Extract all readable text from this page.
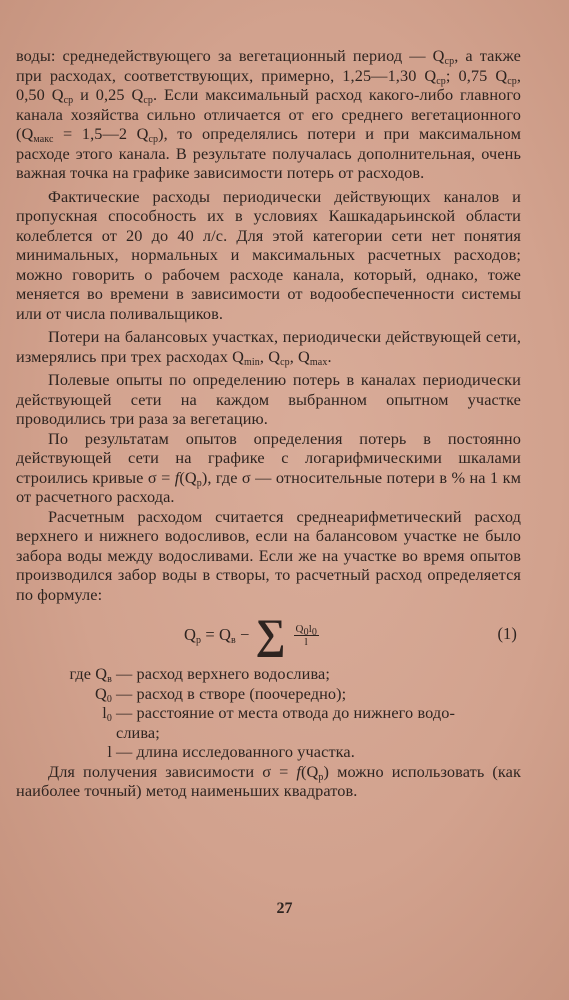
воды: среднедействующего за вегетационный период — $Q_{ср}$, а также при расходах, соответствующих, примерно, 1,25—1,30 $Q_{ср}$; 0,75 $Q_{ср}$, 0,50 $Q_{ср}$ и 0,25 $Q_{ср}$. Если максимальный расход какого-либо главного канала хозяйства сильно отличается от его среднего вегетационного ($Q_{макс}$ = 1,5—2 $Q_{ср}$), то определялись потери и при максимальном расходе этого канала. В результате получалась дополнительная, очень важная точка на графике зависимости потерь от расходов.

Фактические расходы периодически действующих каналов и пропускная способность их в условиях Кашкадарьинской области колеблется от 20 до 40 л/с. Для этой категории сети нет понятия минимальных, нормальных и максимальных расчетных расходов; можно говорить о рабочем расходе канала, который, однако, тоже меняется во времени в зависимости от водообеспеченности системы или от числа поливальщиков.

Потери на балансовых участках, периодически действующей сети, измерялись при трех расходах $Q_{min}$, $Q_{ср}$, $Q_{max}$.

Полевые опыты по определению потерь в каналах периодически действующей сети на каждом выбранном опытном участке проводились три раза за вегетацию.

По результатам опытов определения потерь в постоянно действующей сети на графике с логарифмическими шкалами строились кривые $\sigma = f(Q_р)$, где σ — относительные потери в % на 1 км от расчетного расхода.

Расчетным расходом считается среднеарифметический расход верхнего и нижнего водосливов, если на балансовом участке не было забора воды между водосливами. Если же на участке во время опытов производился забор воды в створы, то расчетный расход определяется по формуле:

$Q_р = Q_в$ − ∑ $\frac{Q_0l_0}{l}$	(1)
где $Q_в$ — расход верхнего водослива;
$Q_0$ — расход в створе (поочередно);
$l_0$ — расстояние от места отвода до нижнего водо-
слива;
l — длина исследованного участка.

Для получения зависимости $\sigma = f(Q_р)$ можно использовать (как наиболее точный) метод наименьших квадратов.

27
